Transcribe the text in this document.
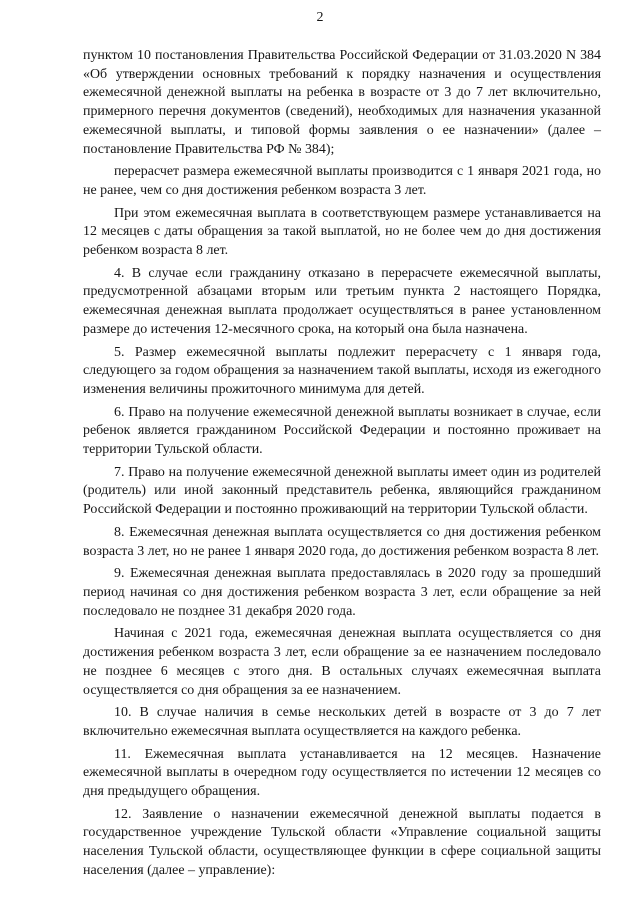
2

пунктом 10 постановления Правительства Российской Федерации от 31.03.2020 N 384 «Об утверждении основных требований к порядку назначения и осуществления ежемесячной денежной выплаты на ребенка в возрасте от 3 до 7 лет включительно, примерного перечня документов (сведений), необходимых для назначения указанной ежемесячной выплаты, и типовой формы заявления о ее назначении» (далее – постановление Правительства РФ № 384);

перерасчет размера ежемесячной выплаты производится с 1 января 2021 года, но не ранее, чем со дня достижения ребенком возраста 3 лет.

При этом ежемесячная выплата в соответствующем размере устанавливается на 12 месяцев с даты обращения за такой выплатой, но не более чем до дня достижения ребенком возраста 8 лет.

4. В случае если гражданину отказано в перерасчете ежемесячной выплаты, предусмотренной абзацами вторым или третьим пункта 2 настоящего Порядка, ежемесячная денежная выплата продолжает осуществляться в ранее установленном размере до истечения 12-месячного срока, на который она была назначена.

5. Размер ежемесячной выплаты подлежит перерасчету с 1 января года, следующего за годом обращения за назначением такой выплаты, исходя из ежегодного изменения величины прожиточного минимума для детей.

6. Право на получение ежемесячной денежной выплаты возникает в случае, если ребенок является гражданином Российской Федерации и постоянно проживает на территории Тульской области.

7. Право на получение ежемесячной денежной выплаты имеет один из родителей (родитель) или иной законный представитель ребенка, являющийся гражданином Российской Федерации и постоянно проживающий на территории Тульской области.

8. Ежемесячная денежная выплата осуществляется со дня достижения ребенком возраста 3 лет, но не ранее 1 января 2020 года, до достижения ребенком возраста 8 лет.

9. Ежемесячная денежная выплата предоставлялась в 2020 году за прошедший период начиная со дня достижения ребенком возраста 3 лет, если обращение за ней последовало не позднее 31 декабря 2020 года.

Начиная с 2021 года, ежемесячная денежная выплата осуществляется со дня достижения ребенком возраста 3 лет, если обращение за ее назначением последовало не позднее 6 месяцев с этого дня. В остальных случаях ежемесячная выплата осуществляется со дня обращения за ее назначением.

10. В случае наличия в семье нескольких детей в возрасте от 3 до 7 лет включительно ежемесячная выплата осуществляется на каждого ребенка.

11. Ежемесячная выплата устанавливается на 12 месяцев. Назначение ежемесячной выплаты в очередном году осуществляется по истечении 12 месяцев со дня предыдущего обращения.

12. Заявление о назначении ежемесячной денежной выплаты подается в государственное учреждение Тульской области «Управление социальной защиты населения Тульской области, осуществляющее функции в сфере социальной защиты населения (далее – управление):
